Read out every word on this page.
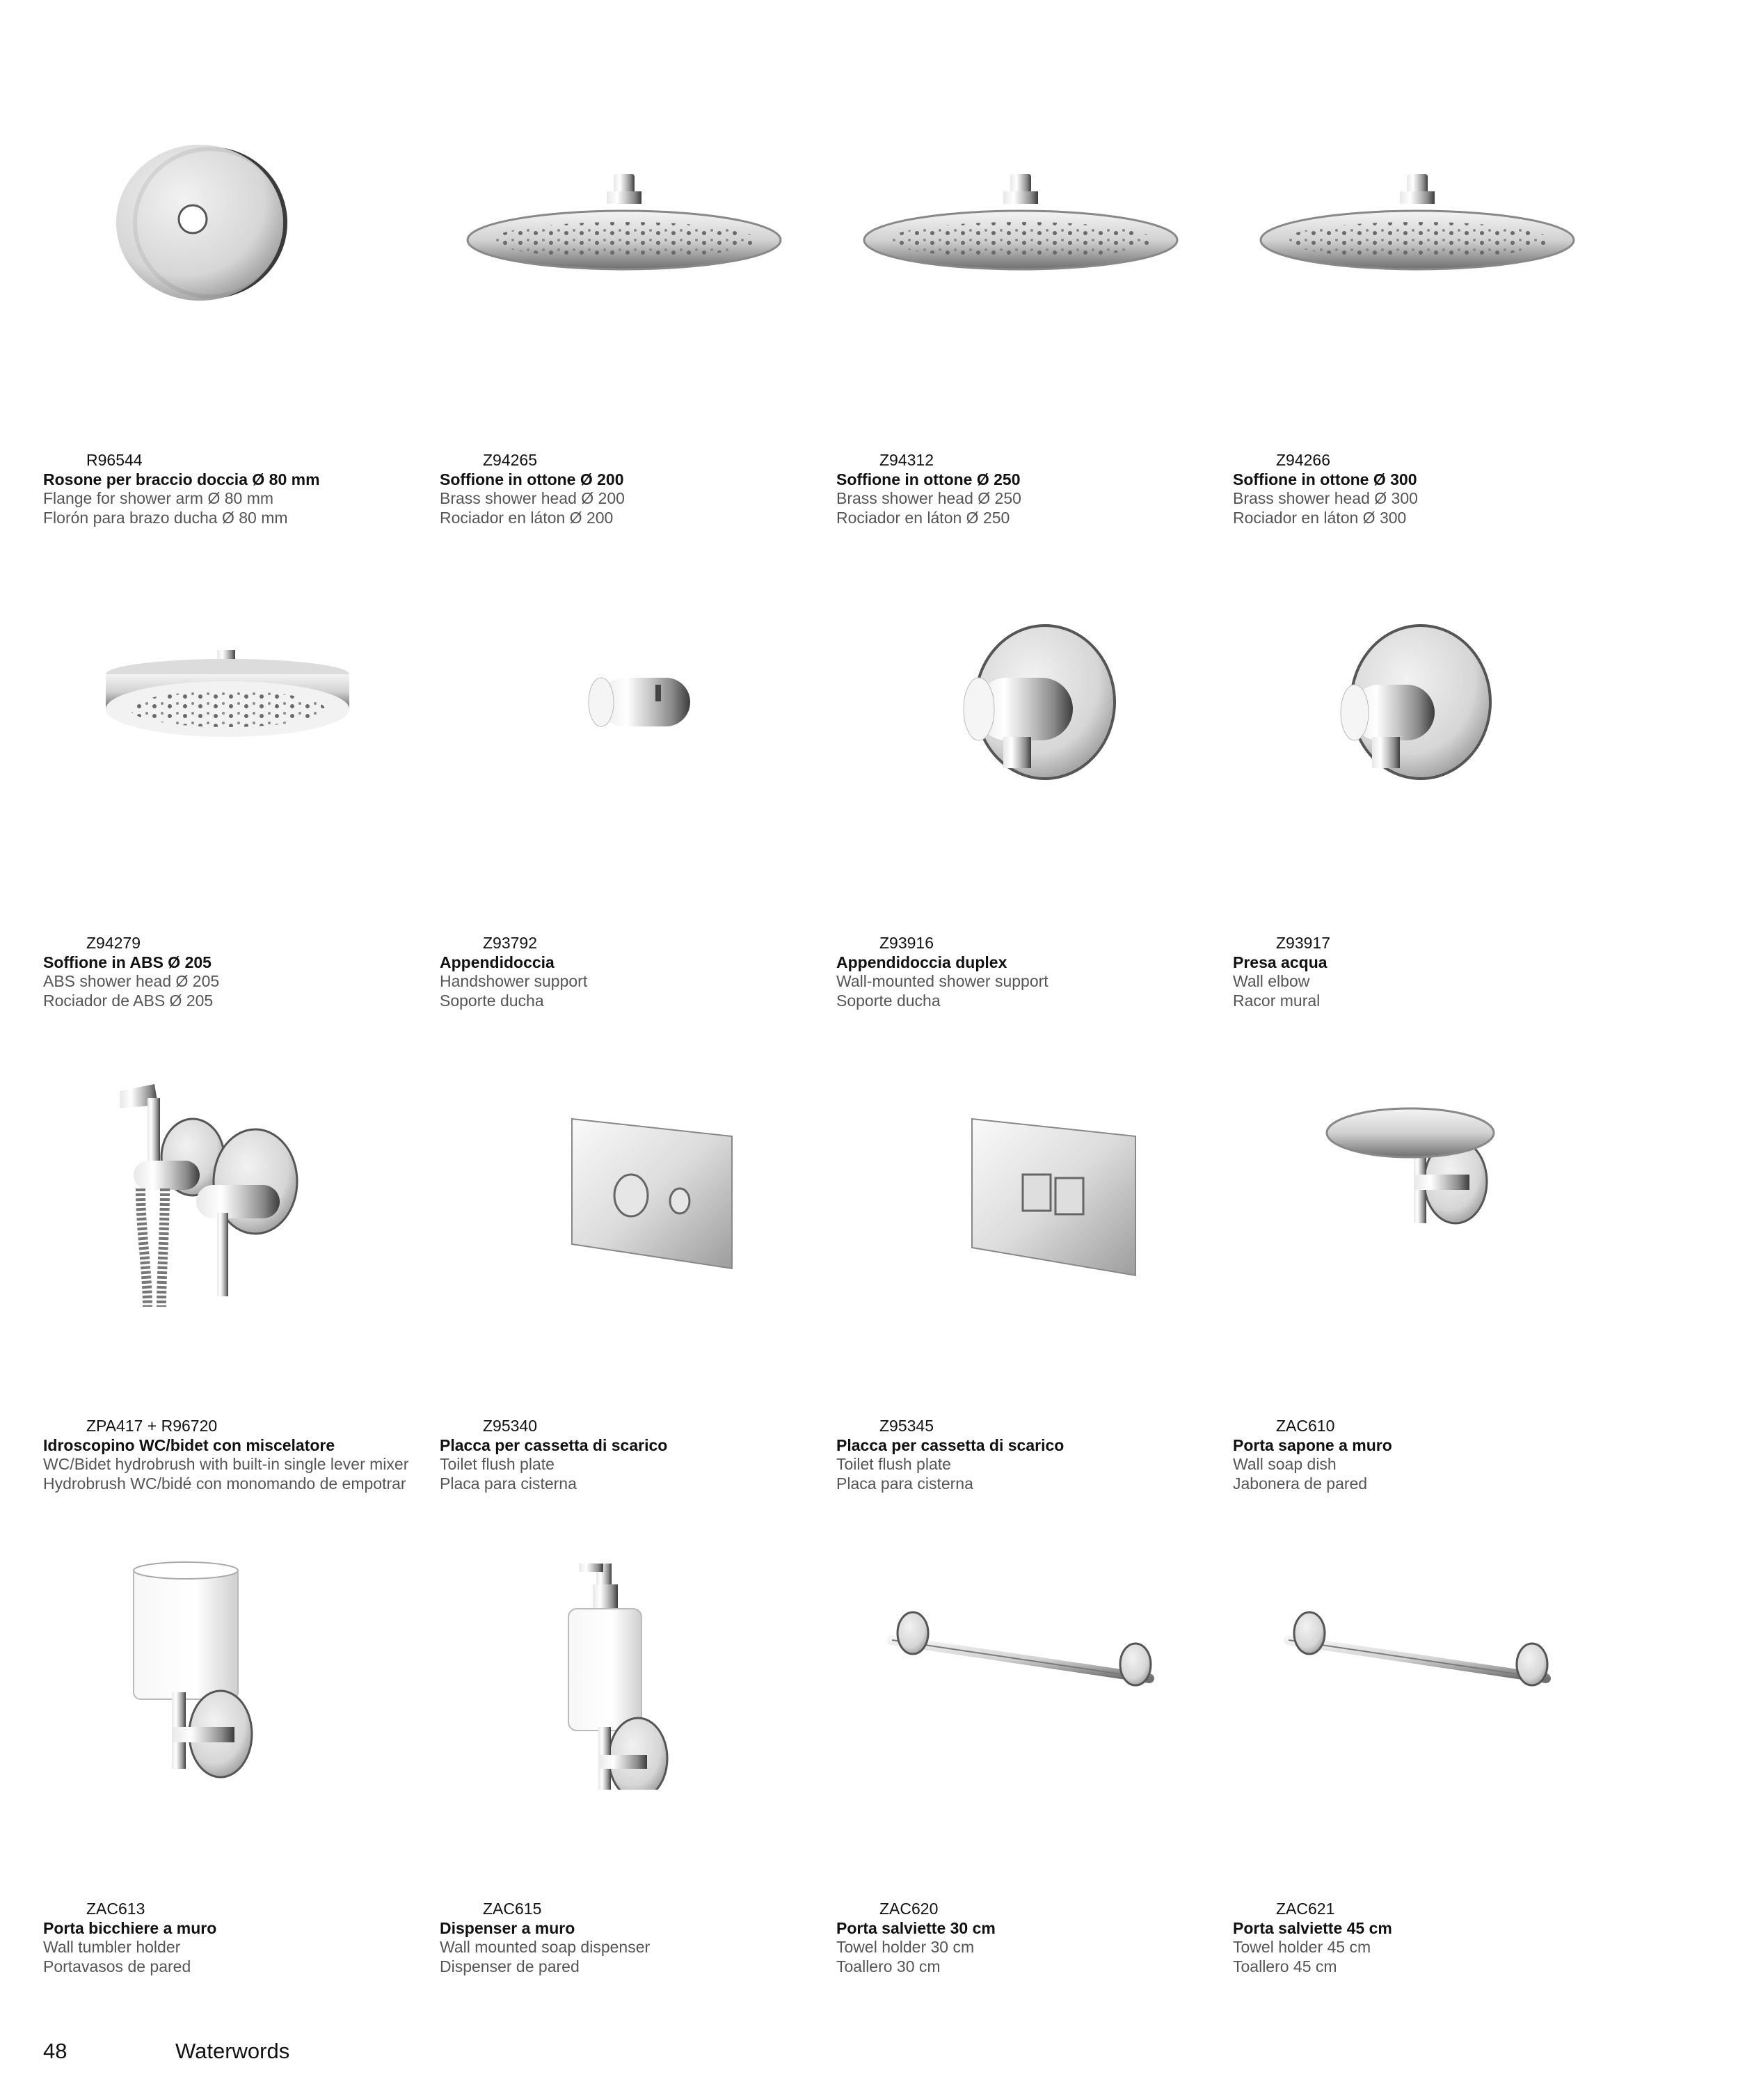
R96544
Rosone per braccio doccia Ø 80 mm
Flange for shower arm Ø 80 mm
Florón para brazo ducha Ø 80 mm
Z94265
Soffione in ottone Ø 200
Brass shower head Ø 200
Rociador en láton Ø 200
Z94312
Soffione in ottone Ø 250
Brass shower head Ø 250
Rociador en láton Ø 250
Z94266
Soffione in ottone Ø 300
Brass shower head Ø 300
Rociador en láton Ø 300
Z94279
Soffione in ABS Ø 205
ABS shower head Ø 205
Rociador de ABS Ø 205
Z93792
Appendidoccia
Handshower support
Soporte ducha
Z93916
Appendidoccia duplex
Wall-mounted shower support
Soporte ducha
Z93917
Presa acqua
Wall elbow
Racor mural
ZPA417 + R96720
Idroscopino WC/bidet con miscelatore
WC/Bidet hydrobrush with built-in single lever mixer
Hydrobrush WC/bidé con monomando de empotrar
Z95340
Placca per cassetta di scarico
Toilet flush plate
Placa para cisterna
Z95345
Placca per cassetta di scarico
Toilet flush plate
Placa para cisterna
ZAC610
Porta sapone a muro
Wall soap dish
Jabonera de pared
ZAC613
Porta bicchiere a muro
Wall tumbler holder
Portavasos de pared
ZAC615
Dispenser a muro
Wall mounted soap dispenser
Dispenser de pared
ZAC620
Porta salviette 30 cm
Towel holder 30 cm
Toallero 30 cm
ZAC621
Porta salviette 45 cm
Towel holder 45 cm
Toallero 45 cm
48	Waterwords
